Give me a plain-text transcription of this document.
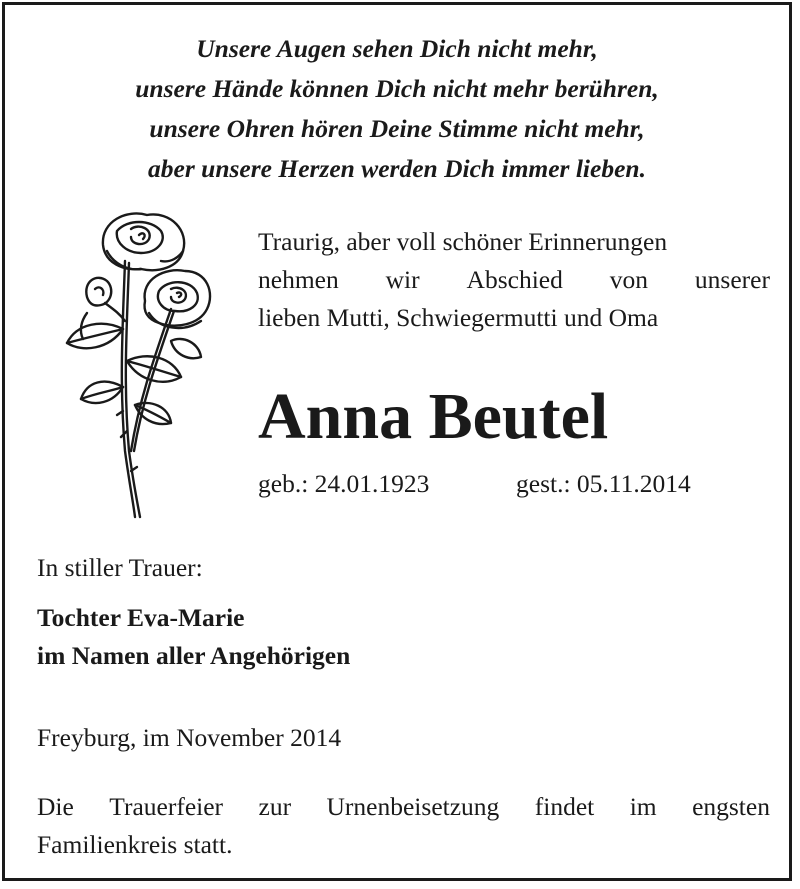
Unsere Augen sehen Dich nicht mehr,
unsere Hände können Dich nicht mehr berühren,
unsere Ohren hören Deine Stimme nicht mehr,
aber unsere Herzen werden Dich immer lieben.
Traurig, aber voll schöner Erinnerungen
nehmen wir Abschied von unserer
lieben Mutti, Schwiegermutti und Oma
Anna Beutel
geb.: 24.01.1923	gest.: 05.11.2014
In stiller Trauer:
Tochter Eva-Marie
im Namen aller Angehörigen
Freyburg, im November 2014
Die Trauerfeier zur Urnenbeisetzung findet im engsten
Familienkreis statt.
